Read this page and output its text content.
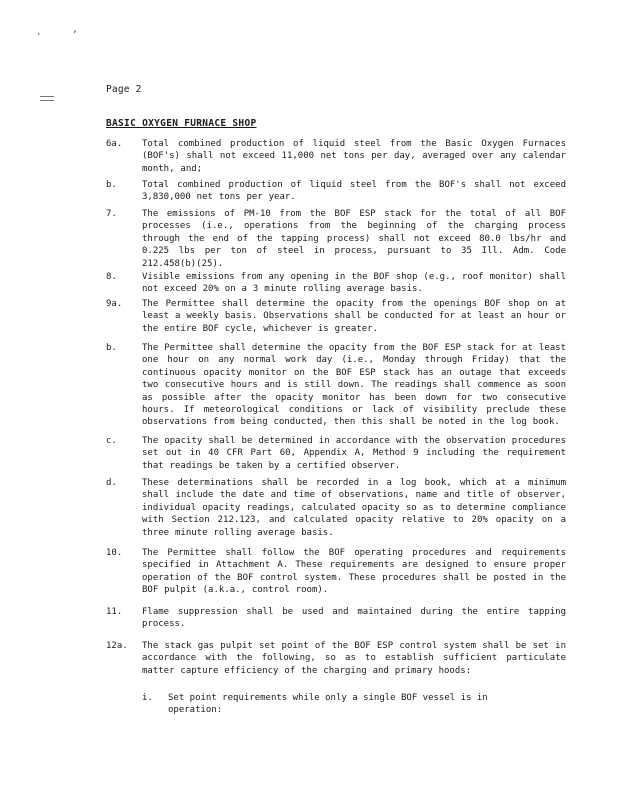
·	ʼ
Page 2
BASIC OXYGEN FURNACE SHOP
6a.	Total combined production of liquid steel from the Basic Oxygen Furnaces (BOF's) shall not exceed 11,000 net tons per day, averaged over any calendar month, and;
b.	Total combined production of liquid steel from the BOF's shall not exceed 3,830,000 net tons per year.
7.	The emissions of PM-10 from the BOF ESP stack for the total of all BOF processes (i.e., operations from the beginning of the charging process through the end of the tapping process) shall not exceed 80.0 lbs/hr and 0.225 lbs per ton of steel in process, pursuant to 35 Ill. Adm. Code 212.458(b)(25).
8.	Visible emissions from any opening in the BOF shop (e.g., roof monitor) shall not exceed 20% on a 3 minute rolling average basis.
9a.	The Permittee shall determine the opacity from the openings BOF shop on at least a weekly basis. Observations shall be conducted for at least an hour or the entire BOF cycle, whichever is greater.
b.	The Permittee shall determine the opacity from the BOF ESP stack for at least one hour on any normal work day (i.e., Monday through Friday) that the continuous opacity monitor on the BOF ESP stack has an outage that exceeds two consecutive hours and is still down. The readings shall commence as soon as possible after the opacity monitor has been down for two consecutive hours. If meteorological conditions or lack of visibility preclude these observations from being conducted, then this shall be noted in the log book.
c.	The opacity shall be determined in accordance with the observation procedures set out in 40 CFR Part 60, Appendix A, Method 9 including the requirement that readings be taken by a certified observer.
d.	These determinations shall be recorded in a log book, which at a minimum shall include the date and time of observations, name and title of observer, individual opacity readings, calculated opacity so as to determine compliance with Section 212.123, and calculated opacity relative to 20% opacity on a three minute rolling average basis.
10.	The Permittee shall follow the BOF operating procedures and requirements specified in Attachment A. These requirements are designed to ensure proper operation of the BOF control system. These procedures shall be posted in the BOF pulpit (a.k.a., control room).
11.	Flame suppression shall be used and maintained during the entire tapping process.
12a.	The stack gas pulpit set point of the BOF ESP control system shall be set in accordance with the following, so as to establish sufficient particulate matter capture efficiency of the charging and primary hoods:
i.	Set point requirements while only a single BOF vessel is in operation:
